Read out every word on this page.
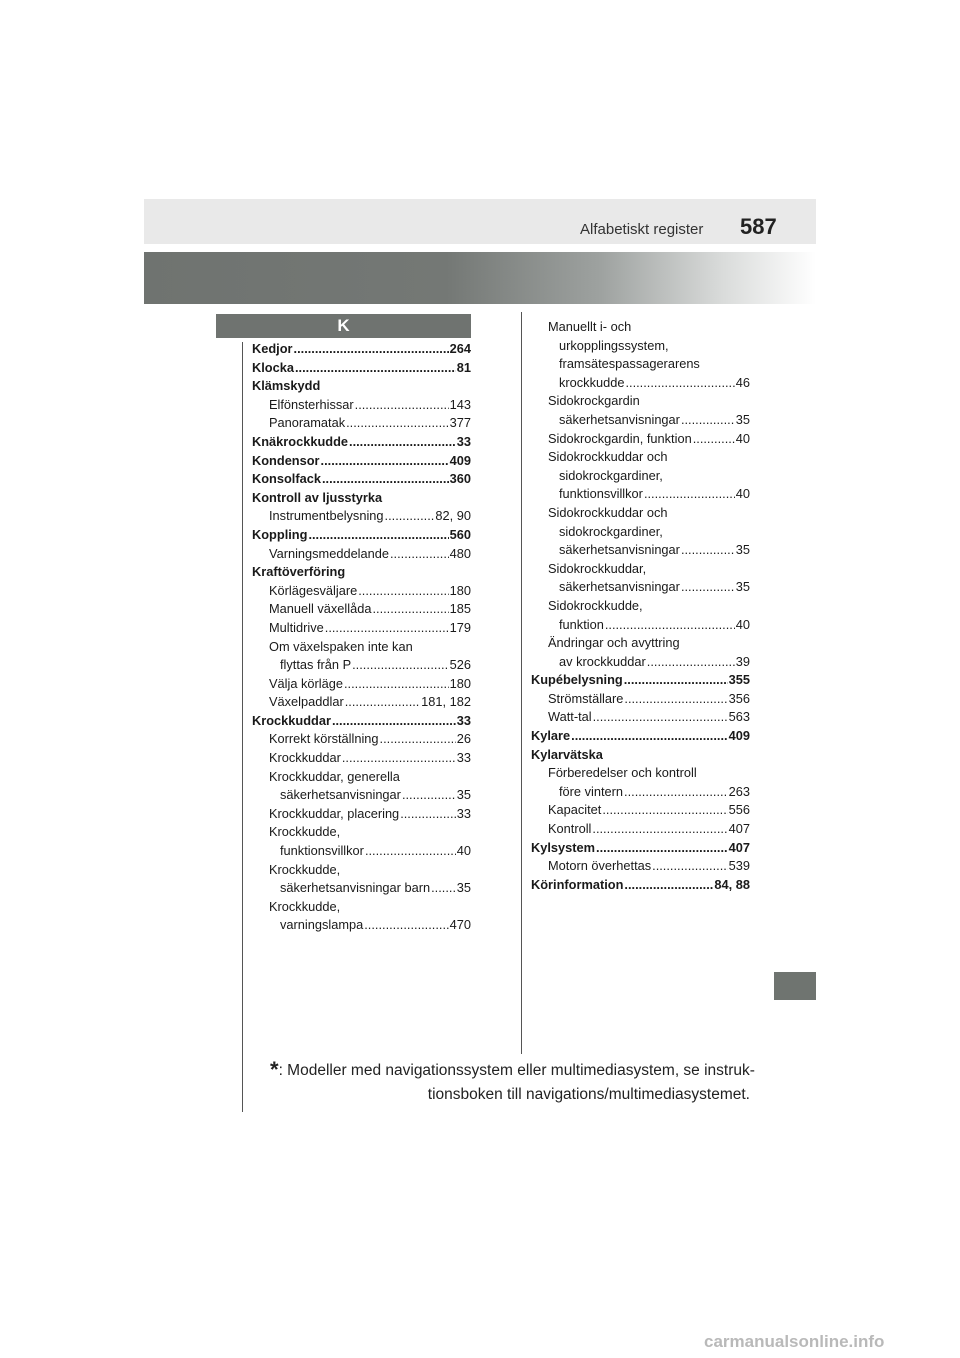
Alfabetiskt register 587
K
Kedjor .....	264
Klocka .....	81
Klämskydd
Elfönsterhissar .....	143
Panoramatak .....	377
Knäkrockkudde .....	33
Kondensor .....	409
Konsolfack .....	360
Kontroll av ljusstyrka
Instrumentbelysning .....	82, 90
Koppling .....	560
Varningsmeddelande .....	480
Kraftöverföring
Körlägesväljare .....	180
Manuell växellåda .....	185
Multidrive .....	179
Om växelspaken inte kan
flyttas från P .....	526
Välja körläge .....	180
Växelpaddlar .....	181, 182
Krockkuddar .....	33
Korrekt körställning .....	26
Krockkuddar .....	33
Krockkuddar, generella
säkerhetsanvisningar .....	35
Krockkuddar, placering .....	33
Krockkudde,
funktionsvillkor .....	40
Krockkudde,
säkerhetsanvisningar barn ..... 35
Krockkudde,
varningslampa .....	470
Manuellt i- och
urkopplingssystem,
framsätespassagerarens
krockkudde .....	46
Sidokrockgardin
säkerhetsanvisningar .....	35
Sidokrockgardin, funktion .....	40
Sidokrockkuddar och
sidokrockgardiner,
funktionsvillkor .....	40
Sidokrockkuddar och
sidokrockgardiner,
säkerhetsanvisningar .....	35
Sidokrockkuddar,
säkerhetsanvisningar .....	35
Sidokrockkudde,
funktion .....	40
Ändringar och avyttring
av krockkuddar .....	39
Kupébelysning .....	355
Strömställare .....	356
Watt-tal .....	563
Kylare .....	409
Kylarvätska
Förberedelser och kontroll
före vintern .....	263
Kapacitet .....	556
Kontroll .....	407
Kylsystem .....	407
Motorn överhettas .....	539
Körinformation .....	84, 88
*: Modeller med navigationssystem eller multimediasystem, se instruk-
tionsboken till navigations/multimediasystemet.
carmanualsonline.info
